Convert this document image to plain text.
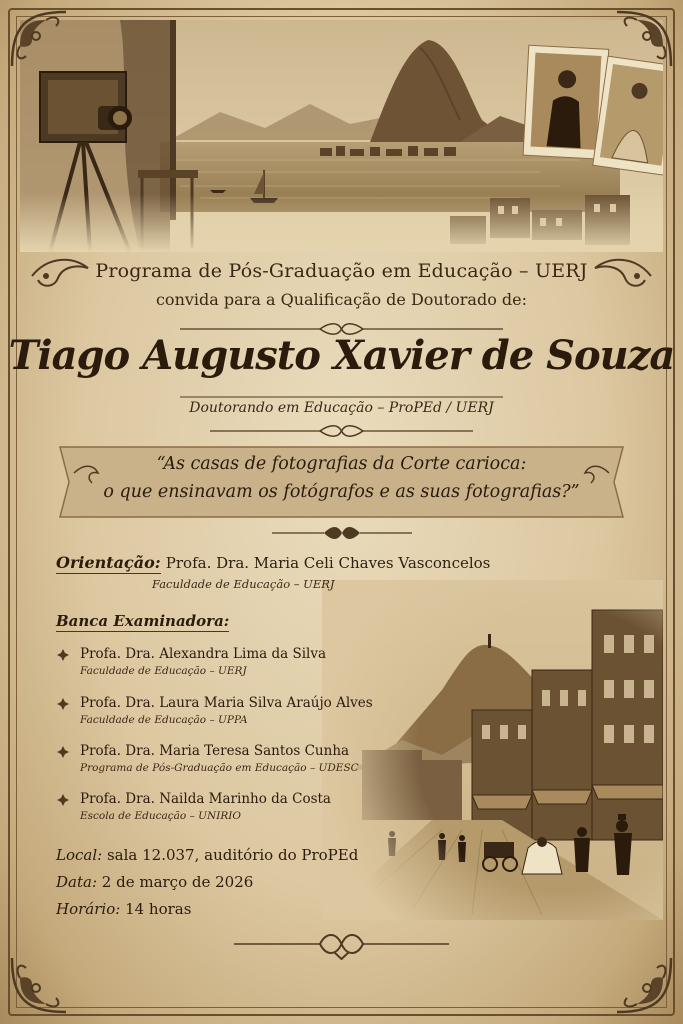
Programa de Pós-Graduação em Educação – UERJ
convida para a Qualificação de Doutorado de:
Tiago Augusto Xavier de Souza
Doutorando em Educação – ProPEd / UERJ
“As casas de fotografias da Corte carioca:
o que ensinavam os fotógrafos e as suas fotografias?”
Orientação: Profa. Dra. Maria Celi Chaves Vasconcelos
Faculdade de Educação – UERJ
Banca Examinadora:
Profa. Dra. Alexandra Lima da Silva
Faculdade de Educação – UERJ
Profa. Dra. Laura Maria Silva Araújo Alves
Faculdade de Educação – UPPA
Profa. Dra. Maria Teresa Santos Cunha
Programa de Pós-Graduação em Educação – UDESC
Profa. Dra. Nailda Marinho da Costa
Escola de Educação – UNIRIO
Local: sala 12.037, auditório do ProPEd
Data: 2 de março de 2026
Horário: 14 horas
